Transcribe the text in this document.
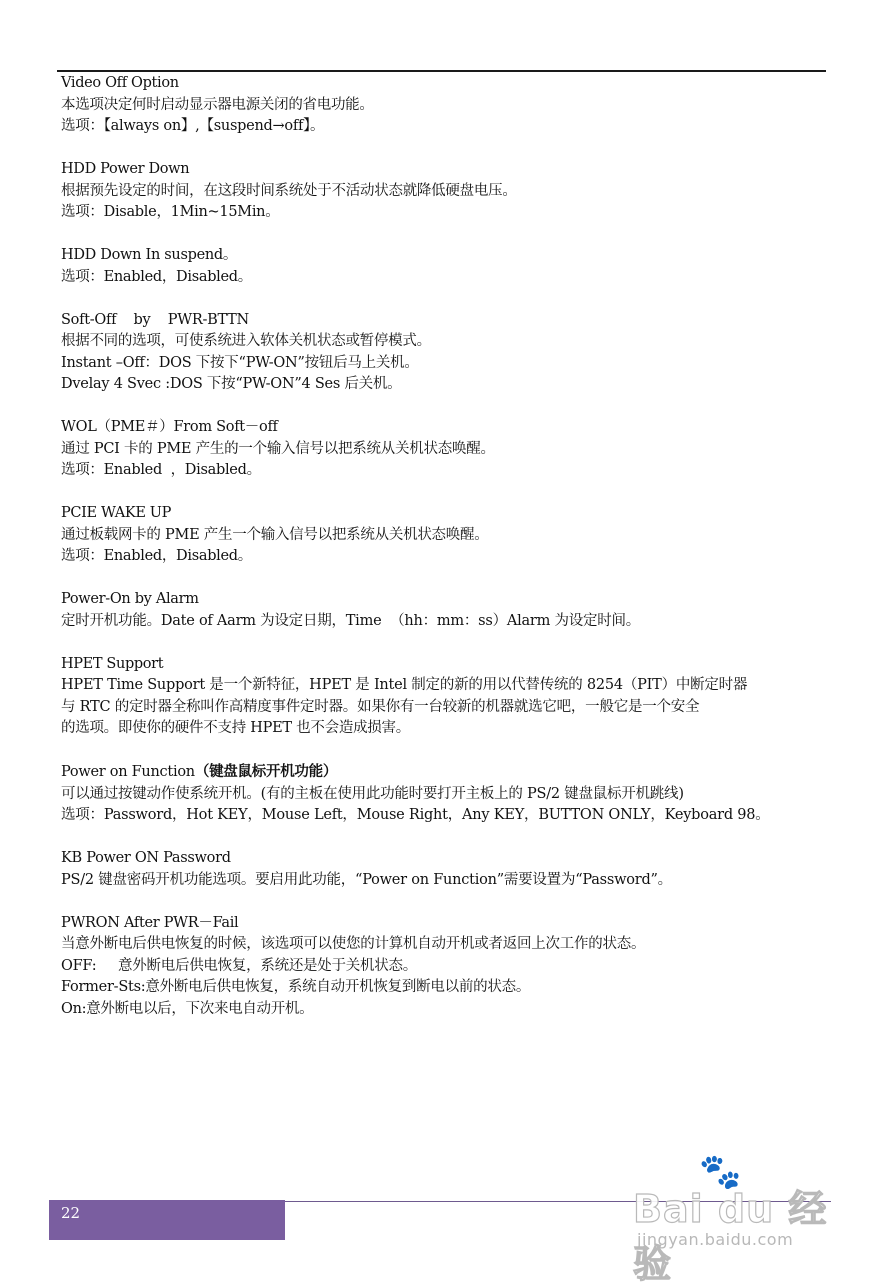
Video Off Option
本选项决定何时启动显示器电源关闭的省电功能。
选项：【always on】,【suspend→off】。
HDD Power Down
根据预先设定的时间，在这段时间系统处于不活动状态就降低硬盘电压。
选项：Disable，1Min~15Min。
HDD Down In suspend。
选项：Enabled，Disabled。
Soft-Off    by    PWR-BTTN
根据不同的选项，可使系统进入软体关机状态或暂停模式。
Instant –Off：DOS 下按下“PW-ON”按钮后马上关机。
Dvelay 4 Svec :DOS 下按“PW-ON”4 Ses 后关机。
WOL（PME＃）From Soft－off
通过 PCI 卡的 PME 产生的一个输入信号以把系统从关机状态唤醒。
选项：Enabled  ，Disabled。
PCIE WAKE UP
通过板载网卡的 PME 产生一个输入信号以把系统从关机状态唤醒。
选项：Enabled，Disabled。
Power-On by Alarm
定时开机功能。Date of Aarm 为设定日期，Time  （hh：mm：ss）Alarm 为设定时间。
HPET Support
HPET Time Support 是一个新特征，HPET 是 Intel 制定的新的用以代替传统的 8254（PIT）中断定时器
与 RTC 的定时器全称叫作高精度事件定时器。如果你有一台较新的机器就选它吧，一般它是一个安全
的选项。即使你的硬件不支持 HPET 也不会造成损害。
Power on Function（键盘鼠标开机功能）
可以通过按键动作使系统开机。(有的主板在使用此功能时要打开主板上的 PS/2 键盘鼠标开机跳线)
选项：Password，Hot KEY，Mouse Left，Mouse Right，Any KEY，BUTTON ONLY，Keyboard 98。
KB Power ON Password
PS/2 键盘密码开机功能选项。要启用此功能，“Power on Function”需要设置为“Password”。
PWRON After PWR－Fail
当意外断电后供电恢复的时候，该选项可以使您的计算机自动开机或者返回上次工作的状态。
OFF:     意外断电后供电恢复，系统还是处于关机状态。
Former-Sts:意外断电后供电恢复，系统自动开机恢复到断电以前的状态。
On:意外断电以后，下次来电自动开机。
22
🐾
Bai du 经验
jingyan.baidu.com
